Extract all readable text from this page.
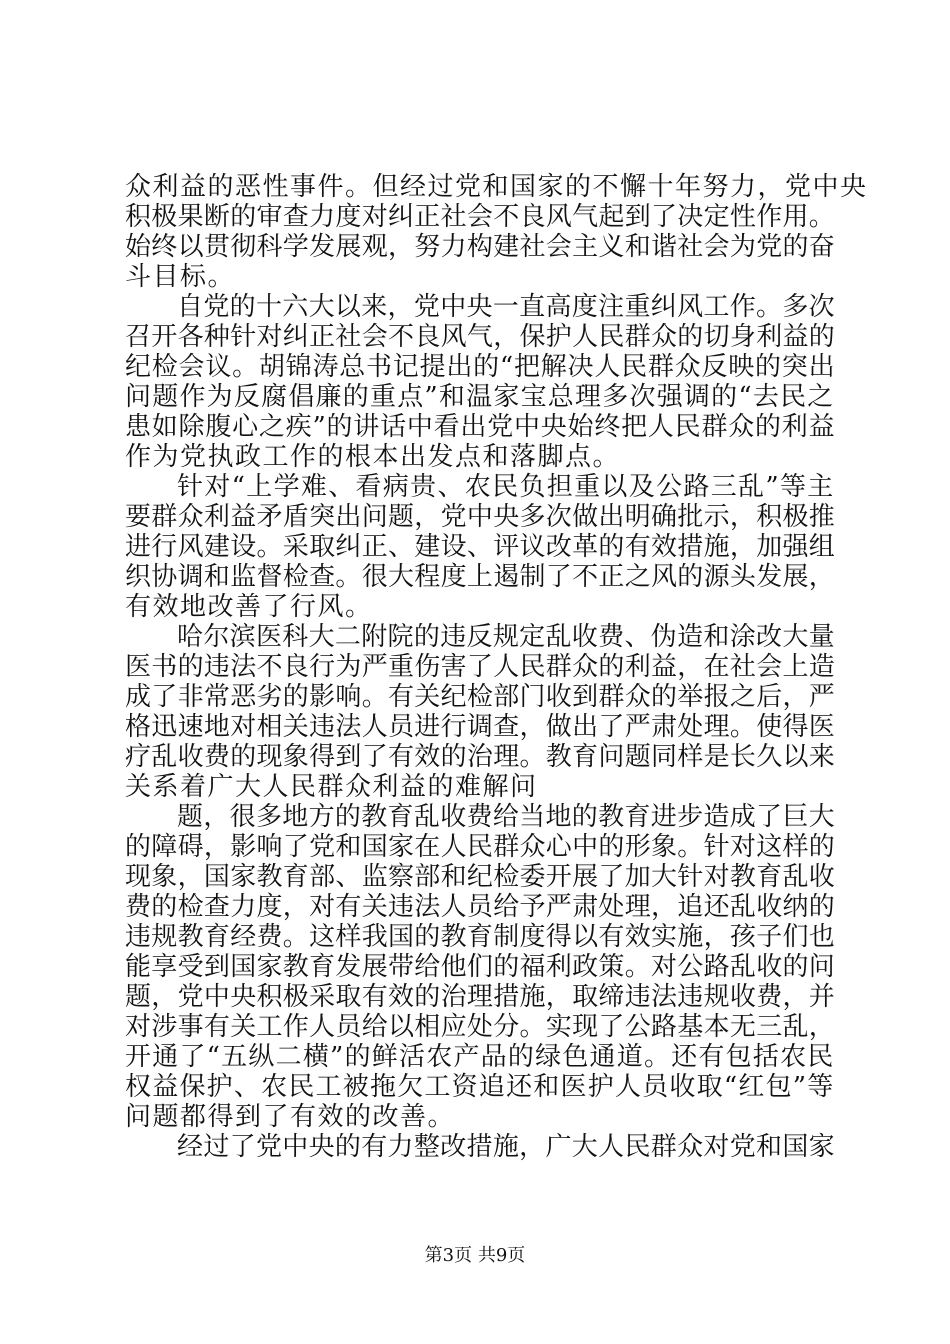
众利益的恶性事件。但经过党和国家的不懈十年努力，党中央
积极果断的审查力度对纠正社会不良风气起到了决定性作用。
始终以贯彻科学发展观，努力构建社会主义和谐社会为党的奋
斗目标。
自党的十六大以来，党中央一直高度注重纠风工作。多次
召开各种针对纠正社会不良风气，保护人民群众的切身利益的
纪检会议。胡锦涛总书记提出的“把解决人民群众反映的突出
问题作为反腐倡廉的重点”和温家宝总理多次强调的“去民之
患如除腹心之疾”的讲话中看出党中央始终把人民群众的利益
作为党执政工作的根本出发点和落脚点。
针对“上学难、看病贵、农民负担重以及公路三乱”等主
要群众利益矛盾突出问题，党中央多次做出明确批示，积极推
进行风建设。采取纠正、建设、评议改革的有效措施，加强组
织协调和监督检查。很大程度上遏制了不正之风的源头发展，
有效地改善了行风。
哈尔滨医科大二附院的违反规定乱收费、伪造和涂改大量
医书的违法不良行为严重伤害了人民群众的利益，在社会上造
成了非常恶劣的影响。有关纪检部门收到群众的举报之后，严
格迅速地对相关违法人员进行调查，做出了严肃处理。使得医
疗乱收费的现象得到了有效的治理。教育问题同样是长久以来
关系着广大人民群众利益的难解问
题，很多地方的教育乱收费给当地的教育进步造成了巨大
的障碍，影响了党和国家在人民群众心中的形象。针对这样的
现象，国家教育部、监察部和纪检委开展了加大针对教育乱收
费的检查力度，对有关违法人员给予严肃处理，追还乱收纳的
违规教育经费。这样我国的教育制度得以有效实施，孩子们也
能享受到国家教育发展带给他们的福利政策。对公路乱收的问
题，党中央积极采取有效的治理措施，取缔违法违规收费，并
对涉事有关工作人员给以相应处分。实现了公路基本无三乱，
开通了“五纵二横”的鲜活农产品的绿色通道。还有包括农民
权益保护、农民工被拖欠工资追还和医护人员收取“红包”等
问题都得到了有效的改善。
经过了党中央的有力整改措施，广大人民群众对党和国家
第3页 共9页
